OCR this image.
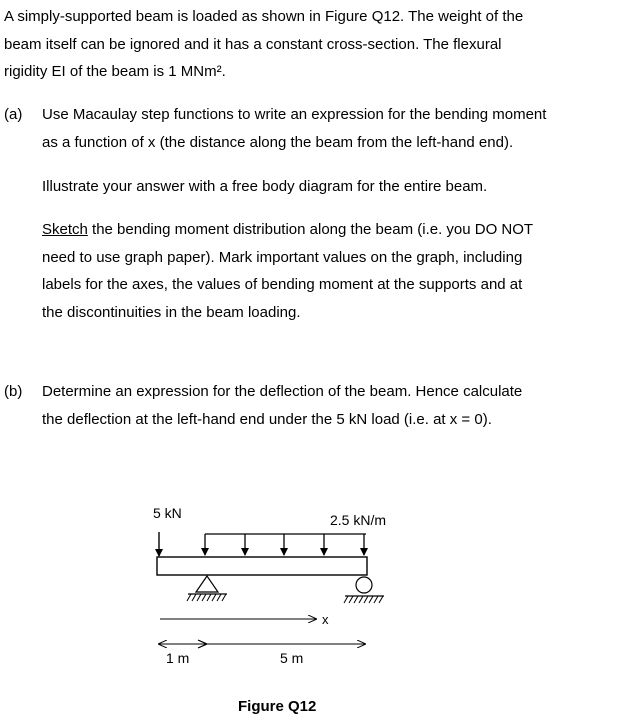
A simply-supported beam is loaded as shown in Figure Q12. The weight of the
beam itself can be ignored and it has a constant cross-section. The flexural
rigidity EI of the beam is 1 MNm².
(a) Use Macaulay step functions to write an expression for the bending moment
as a function of x (the distance along the beam from the left-hand end).
Illustrate your answer with a free body diagram for the entire beam.
Sketch the bending moment distribution along the beam (i.e. you DO NOT
need to use graph paper). Mark important values on the graph, including
labels for the axes, the values of bending moment at the supports and at
the discontinuities in the beam loading.
(b) Determine an expression for the deflection of the beam. Hence calculate
the deflection at the left-hand end under the 5 kN load (i.e. at x = 0).
5 kN	2.5 kN/m
x
1 m	5 m
Figure Q12
